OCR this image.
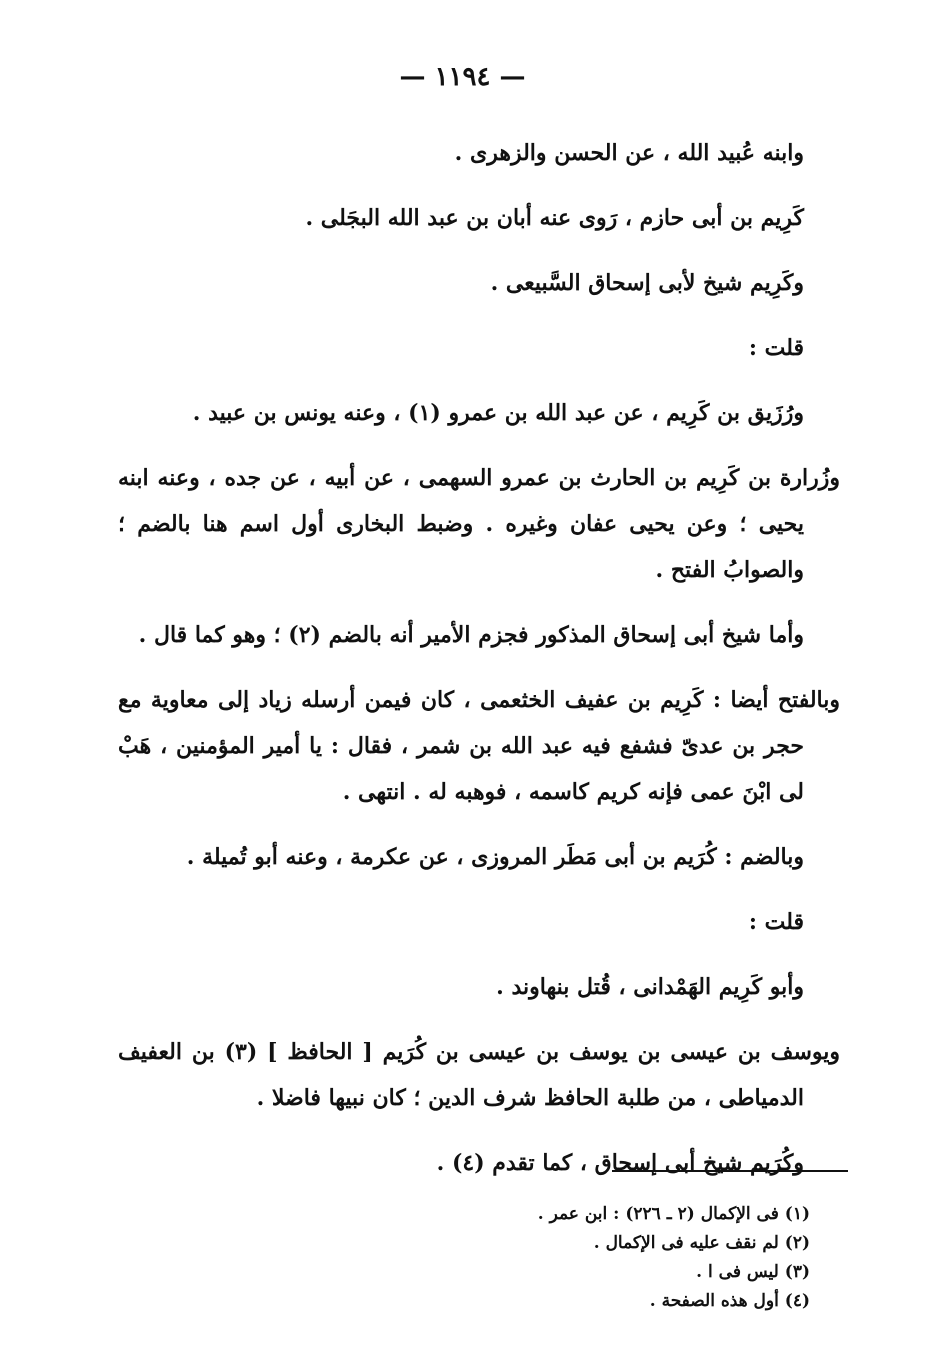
— ١١٩٤ —

وابنه عُبيد الله ، عن الحسن والزهرى .

كَرِيم بن أبى حازم ، رَوى عنه أبان بن عبد الله البجَلى .

وكَرِيم شيخ لأبى إسحاق السَّبيعى .

قلت :

ورُزَيق بن كَرِيم ، عن عبد الله بن عمرو (١) ، وعنه يونس بن عبيد .

وزُرارة بن كَرِيم بن الحارث بن عمرو السهمى ، عن أبيه ، عن جده ، وعنه ابنه يحيى ؛ وعن يحيى عفان وغيره . وضبط البخارى أول اسم هنا بالضم ؛ والصوابُ الفتح .

وأما شيخ أبى إسحاق المذكور فجزم الأمير أنه بالضم (٢) ؛ وهو كما قال .

وبالفتح أيضا : كَرِيم بن عفيف الخثعمى ، كان فيمن أرسله زياد إلى معاوية مع حجر بن عدىّ فشفع فيه عبد الله بن شمر ، فقال : يا أمير المؤمنين ، هَبْ لى ابْنَ عمى فإنه كريم كاسمه ، فوهبه له . انتهى .

وبالضم : كُرَيم بن أبى مَطَر المروزى ، عن عكرمة ، وعنه أبو تُميلة .

قلت :

وأبو كَرِيم الهَمْدانى ، قُتل بنهاوند .

ويوسف بن عيسى بن يوسف بن عيسى بن كُرَيم [ الحافظ ] (٣) بن العفيف الدمياطى ، من طلبة الحافظ شرف الدين ؛ كان نبيها فاضلا .

وكُرَيم شيخ أبى إسحاق ، كما تقدم (٤) .

(١) فى الإكمال (٢ ـ ٢٢٦) : ابن عمر .

(٢) لم نقف عليه فى الإكمال .

(٣) ليس فى ا .

(٤) أول هذه الصفحة .
